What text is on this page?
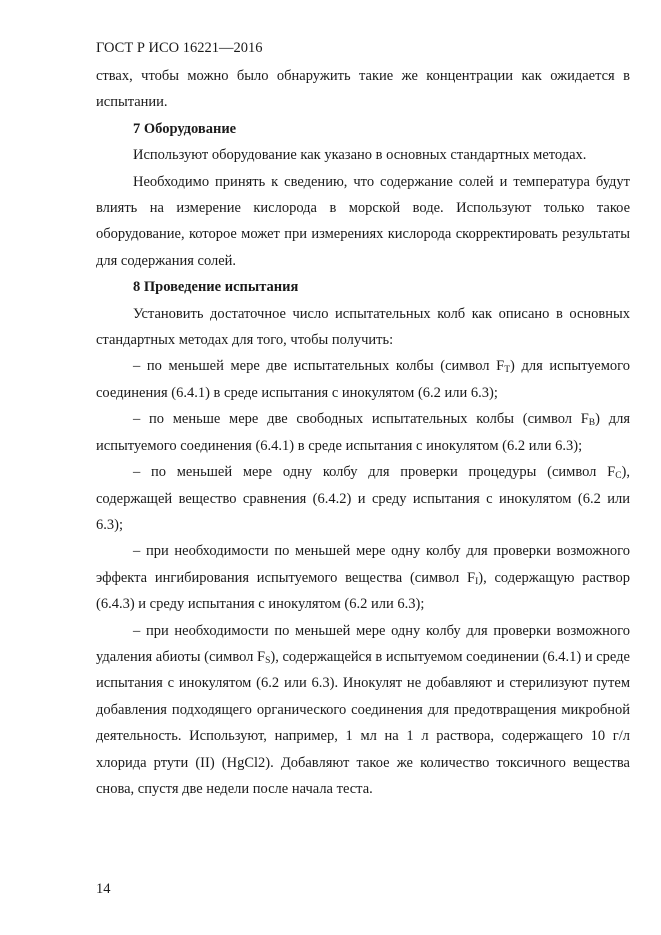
ГОСТ Р ИСО 16221—2016

ствах, чтобы можно было обнаружить такие же концентрации как ожидается в испытании.

7 Оборудование

Используют оборудование как указано в основных стандартных методах.

Необходимо принять к сведению, что содержание солей и температура будут влиять на измерение кислорода в морской воде. Используют только такое оборудование, которое может при измерениях кислорода скорректировать результаты для содержания солей.

8 Проведение испытания

Установить достаточное число испытательных колб как описано в основных стандартных методах для того, чтобы получить:

– по меньшей мере две испытательных колбы (символ $F_T$) для испытуемого соединения (6.4.1) в среде испытания с инокулятом (6.2 или 6.3);

– по меньше мере две свободных испытательных колбы (символ $F_B$) для испытуемого соединения (6.4.1) в среде испытания с инокулятом (6.2 или 6.3);

– по меньшей мере одну колбу для проверки процедуры (символ $F_C$), содержащей вещество сравнения (6.4.2) и среду испытания с инокулятом (6.2 или 6.3);

– при необходимости по меньшей мере одну колбу для проверки возможного эффекта ингибирования испытуемого вещества (символ $F_I$), содержащую раствор (6.4.3) и среду испытания с инокулятом (6.2 или 6.3);

– при необходимости по меньшей мере одну колбу для проверки возможного удаления абиоты (символ $F_S$), содержащейся в испытуемом соединении (6.4.1) и среде испытания с инокулятом (6.2 или 6.3). Инокулят не добавляют и стерилизуют путем добавления подходящего органического соединения для предотвращения микробной деятельность. Используют, например, 1 мл на 1 л раствора, содержащего 10 г/л хлорида ртути (II) (HgCl2). Добавляют такое же количество токсичного вещества снова, спустя две недели после начала теста.

14
